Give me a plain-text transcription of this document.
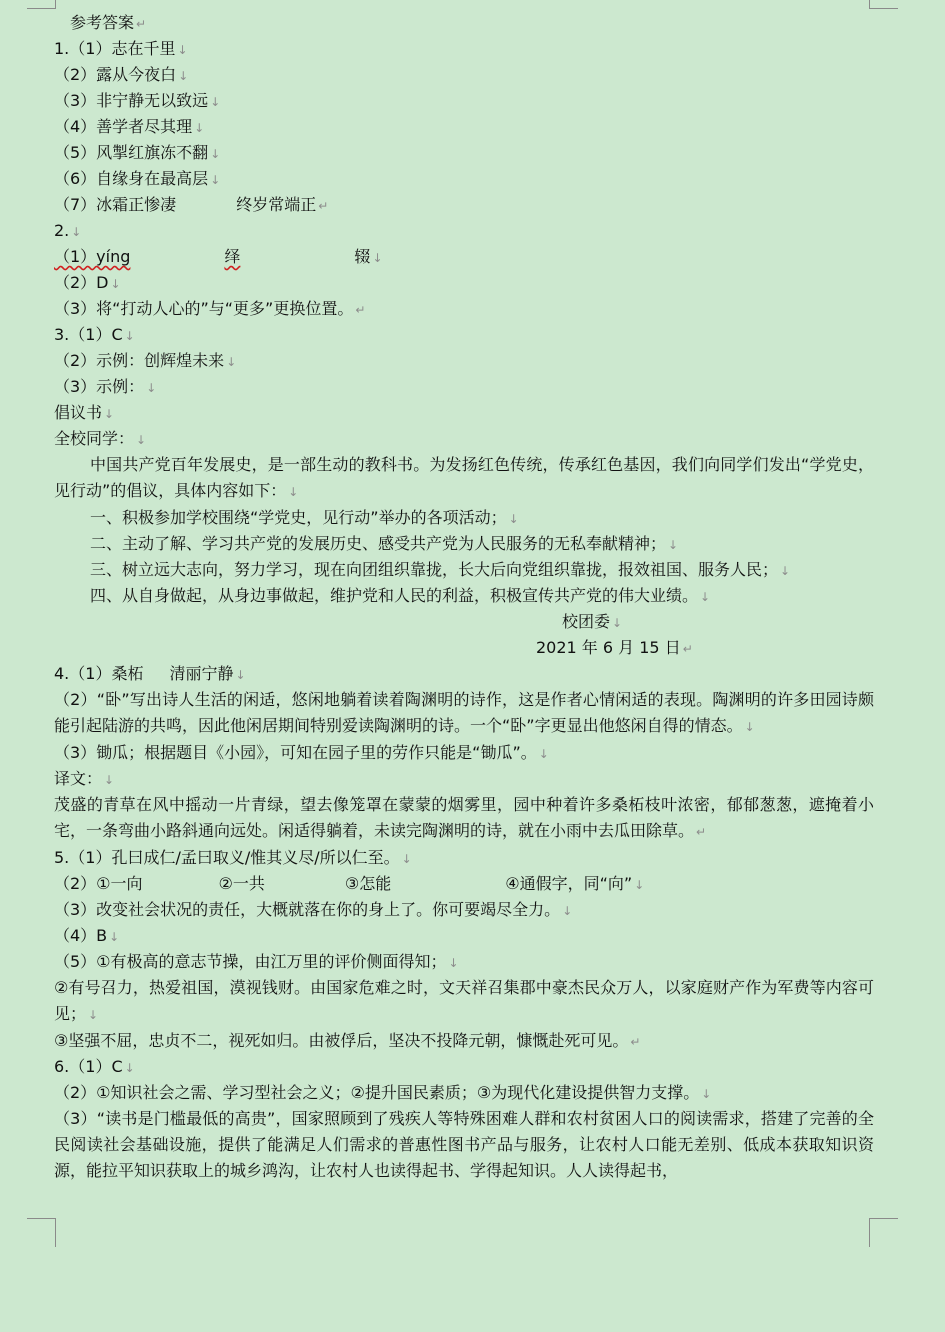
参考答案 ↵
1.（1）志在千里 ↓
（2）露从今夜白 ↓
（3）非宁静无以致远 ↓
（4）善学者尽其理 ↓
（5）风掣红旗冻不翻 ↓
（6）自缘身在最高层 ↓
（7）冰霜正惨凄	终岁常端正 ↵
2. ↓
（1）yíng	绎	辍 ↓
（2）D ↓
（3）将“打动人心的”与“更多”更换位置。 ↵
3.（1）C ↓
（2）示例：创辉煌未来 ↓
（3）示例： ↓
倡议书 ↓
全校同学： ↓
中国共产党百年发展史，是一部生动的教科书。为发扬红色传统，传承红色基因，我们向同学们发出“学党史，见行动”的倡议，具体内容如下： ↓
一、积极参加学校围绕“学党史，见行动”举办的各项活动； ↓
二、主动了解、学习共产党的发展历史、感受共产党为人民服务的无私奉献精神； ↓
三、树立远大志向，努力学习，现在向团组织靠拢，长大后向党组织靠拢，报效祖国、服务人民； ↓
四、从自身做起，从身边事做起，维护党和人民的利益，积极宣传共产党的伟大业绩。 ↓
校团委 ↓
2021 年 6 月 15 日 ↵
4.（1）桑柘 清丽宁静 ↓
（2）“卧”写出诗人生活的闲适，悠闲地躺着读着陶渊明的诗作，这是作者心情闲适的表现。陶渊明的许多田园诗颇能引起陆游的共鸣，因此他闲居期间特别爱读陶渊明的诗。一个“卧”字更显出他悠闲自得的情态。 ↓
（3）锄瓜；根据题目《小园》，可知在园子里的劳作只能是“锄瓜”。 ↓
译文： ↓
茂盛的青草在风中摇动一片青绿，望去像笼罩在蒙蒙的烟雾里，园中种着许多桑柘枝叶浓密，郁郁葱葱，遮掩着小宅，一条弯曲小路斜通向远处。闲适得躺着，未读完陶渊明的诗，就在小雨中去瓜田除草。 ↵
5.（1）孔曰成仁/孟曰取义/惟其义尽/所以仁至。 ↓
（2）①一向	②一共	③怎能	④通假字，同“向” ↓
（3）改变社会状况的责任，大概就落在你的身上了。你可要竭尽全力。 ↓
（4）B ↓
（5）①有极高的意志节操，由江万里的评价侧面得知； ↓
②有号召力，热爱祖国，漠视钱财。由国家危难之时，文天祥召集郡中豪杰民众万人，以家庭财产作为军费等内容可见； ↓
③坚强不屈，忠贞不二，视死如归。由被俘后，坚决不投降元朝，慷慨赴死可见。 ↵
6.（1）C ↓
（2）①知识社会之需、学习型社会之义；②提升国民素质；③为现代化建设提供智力支撑。 ↓
（3）“读书是门槛最低的高贵”，国家照顾到了残疾人等特殊困难人群和农村贫困人口的阅读需求，搭建了完善的全民阅读社会基础设施，提供了能满足人们需求的普惠性图书产品与服务，让农村人口能无差别、低成本获取知识资源，能拉平知识获取上的城乡鸿沟，让农村人也读得起书、学得起知识。人人读得起书，
